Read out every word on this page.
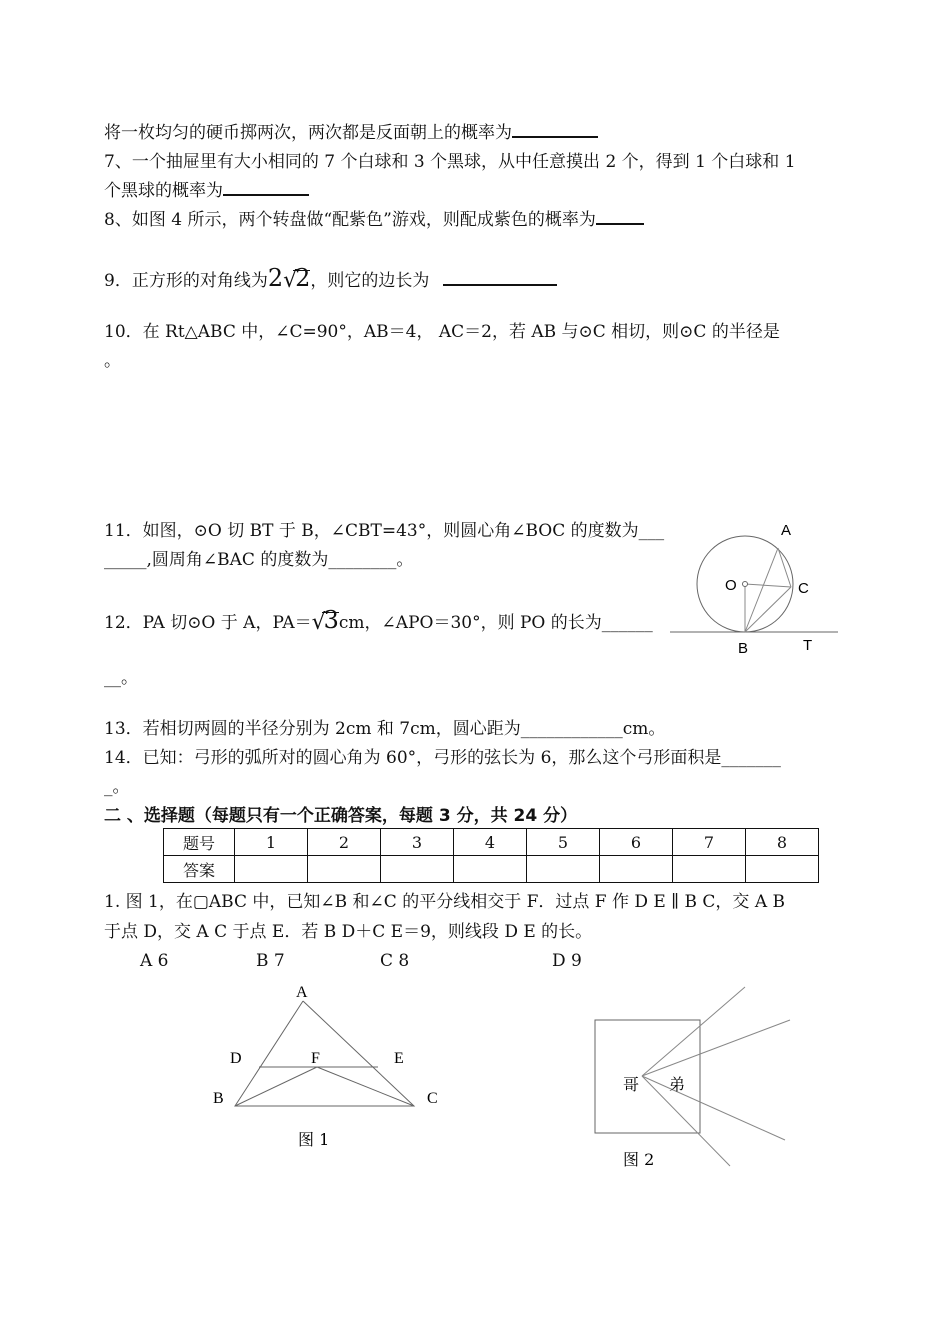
将一枚均匀的硬币掷两次，两次都是反面朝上的概率为
7、一个抽屉里有大小相同的 7 个白球和 3 个黑球，从中任意摸出 2 个，得到 1 个白球和 1
个黑球的概率为
8、如图 4 所示，两个转盘做“配紫色”游戏，则配成紫色的概率为
9．正方形的对角线为2 √
2，则它的边长为
10．在 Rt△ABC 中，∠C=90°，AB＝4， AC＝2，若 AB 与⊙C 相切，则⊙C 的半径是
。
11．如图，⊙O 切 BT 于 B，∠CBT=43°，则圆心角∠BOC 的度数为___
_____,圆周角∠BAC 的度数为________。
12．PA 切⊙O 于 A，PA＝ √
3cm，∠APO＝30°，则 PO 的长为______
__。
13．若相切两圆的半径分别为 2cm 和 7cm，圆心距为____________cm。
14．已知：弓形的弧所对的圆心角为 60°，弓形的弦长为 6，那么这个弓形面积是_______
_。
二 、选择题（每题只有一个正确答案，每题 3 分，共 24 分）
题号	1	2	3	4	5	6	7	8
答案								
1. 图 1，在▢ABC 中，已知∠B 和∠C 的平分线相交于 F．过点 F 作 D E ∥ B C，交 A B
于点 D，交 A C 于点 E．若 B D＋C E＝9，则线段 D E 的长。
A 6	B 7	C 8	D 9
A
O	C
B	T
A
D	F	E
B	C
图 1
哥 弟
图 2
